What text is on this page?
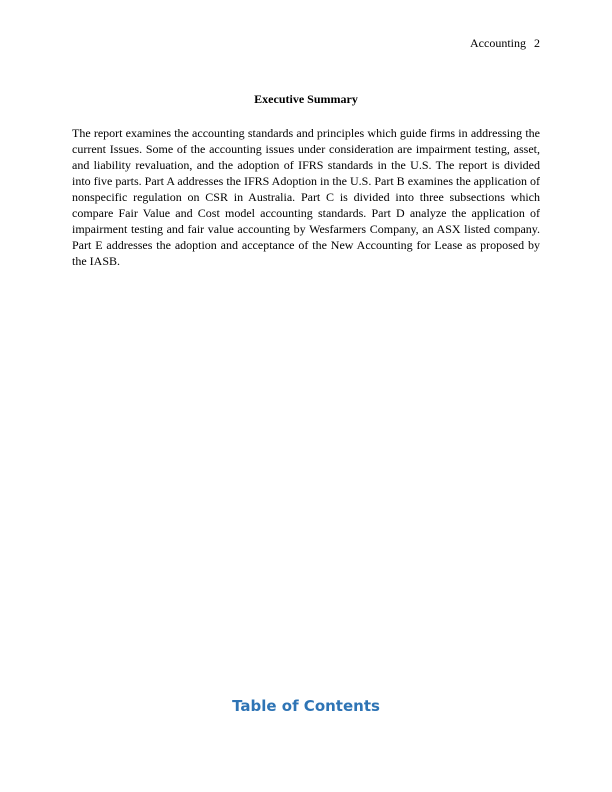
Accounting 2
Executive Summary

The report examines the accounting standards and principles which guide firms in addressing the current Issues. Some of the accounting issues under consideration are impairment testing, asset, and liability revaluation, and the adoption of IFRS standards in the U.S. The report is divided into five parts. Part A addresses the IFRS Adoption in the U.S. Part B examines the application of nonspecific regulation on CSR in Australia. Part C is divided into three subsections which compare Fair Value and Cost model accounting standards. Part D analyze the application of impairment testing and fair value accounting by Wesfarmers Company, an ASX listed company. Part E addresses the adoption and acceptance of the New Accounting for Lease as proposed by the IASB.

Table of Contents
